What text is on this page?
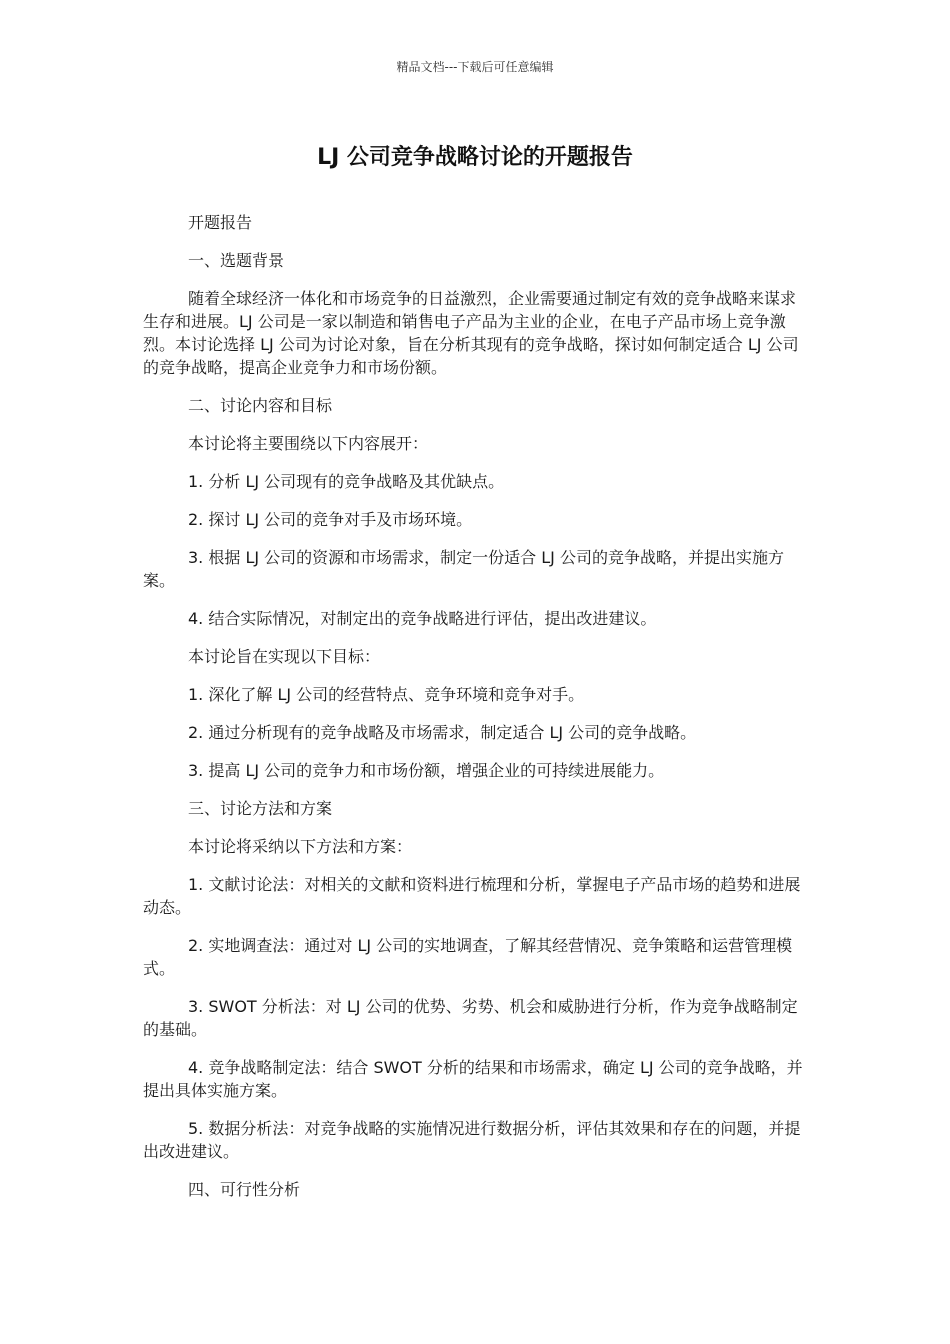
精品文档---下载后可任意编辑
LJ 公司竞争战略讨论的开题报告

开题报告

一、选题背景

随着全球经济一体化和市场竞争的日益激烈，企业需要通过制定有效的竞争战略来谋求生存和进展。LJ 公司是一家以制造和销售电子产品为主业的企业，在电子产品市场上竞争激烈。本讨论选择 LJ 公司为讨论对象，旨在分析其现有的竞争战略，探讨如何制定适合 LJ 公司的竞争战略，提高企业竞争力和市场份额。

二、讨论内容和目标

本讨论将主要围绕以下内容展开：

1. 分析 LJ 公司现有的竞争战略及其优缺点。

2. 探讨 LJ 公司的竞争对手及市场环境。

3. 根据 LJ 公司的资源和市场需求，制定一份适合 LJ 公司的竞争战略，并提出实施方案。

4. 结合实际情况，对制定出的竞争战略进行评估，提出改进建议。

本讨论旨在实现以下目标：

1. 深化了解 LJ 公司的经营特点、竞争环境和竞争对手。

2. 通过分析现有的竞争战略及市场需求，制定适合 LJ 公司的竞争战略。

3. 提高 LJ 公司的竞争力和市场份额，增强企业的可持续进展能力。

三、讨论方法和方案

本讨论将采纳以下方法和方案：

1. 文献讨论法：对相关的文献和资料进行梳理和分析，掌握电子产品市场的趋势和进展动态。

2. 实地调查法：通过对 LJ 公司的实地调查，了解其经营情况、竞争策略和运营管理模式。

3. SWOT 分析法：对 LJ 公司的优势、劣势、机会和威胁进行分析，作为竞争战略制定的基础。

4. 竞争战略制定法：结合 SWOT 分析的结果和市场需求，确定 LJ 公司的竞争战略，并提出具体实施方案。

5. 数据分析法：对竞争战略的实施情况进行数据分析，评估其效果和存在的问题，并提出改进建议。

四、可行性分析
